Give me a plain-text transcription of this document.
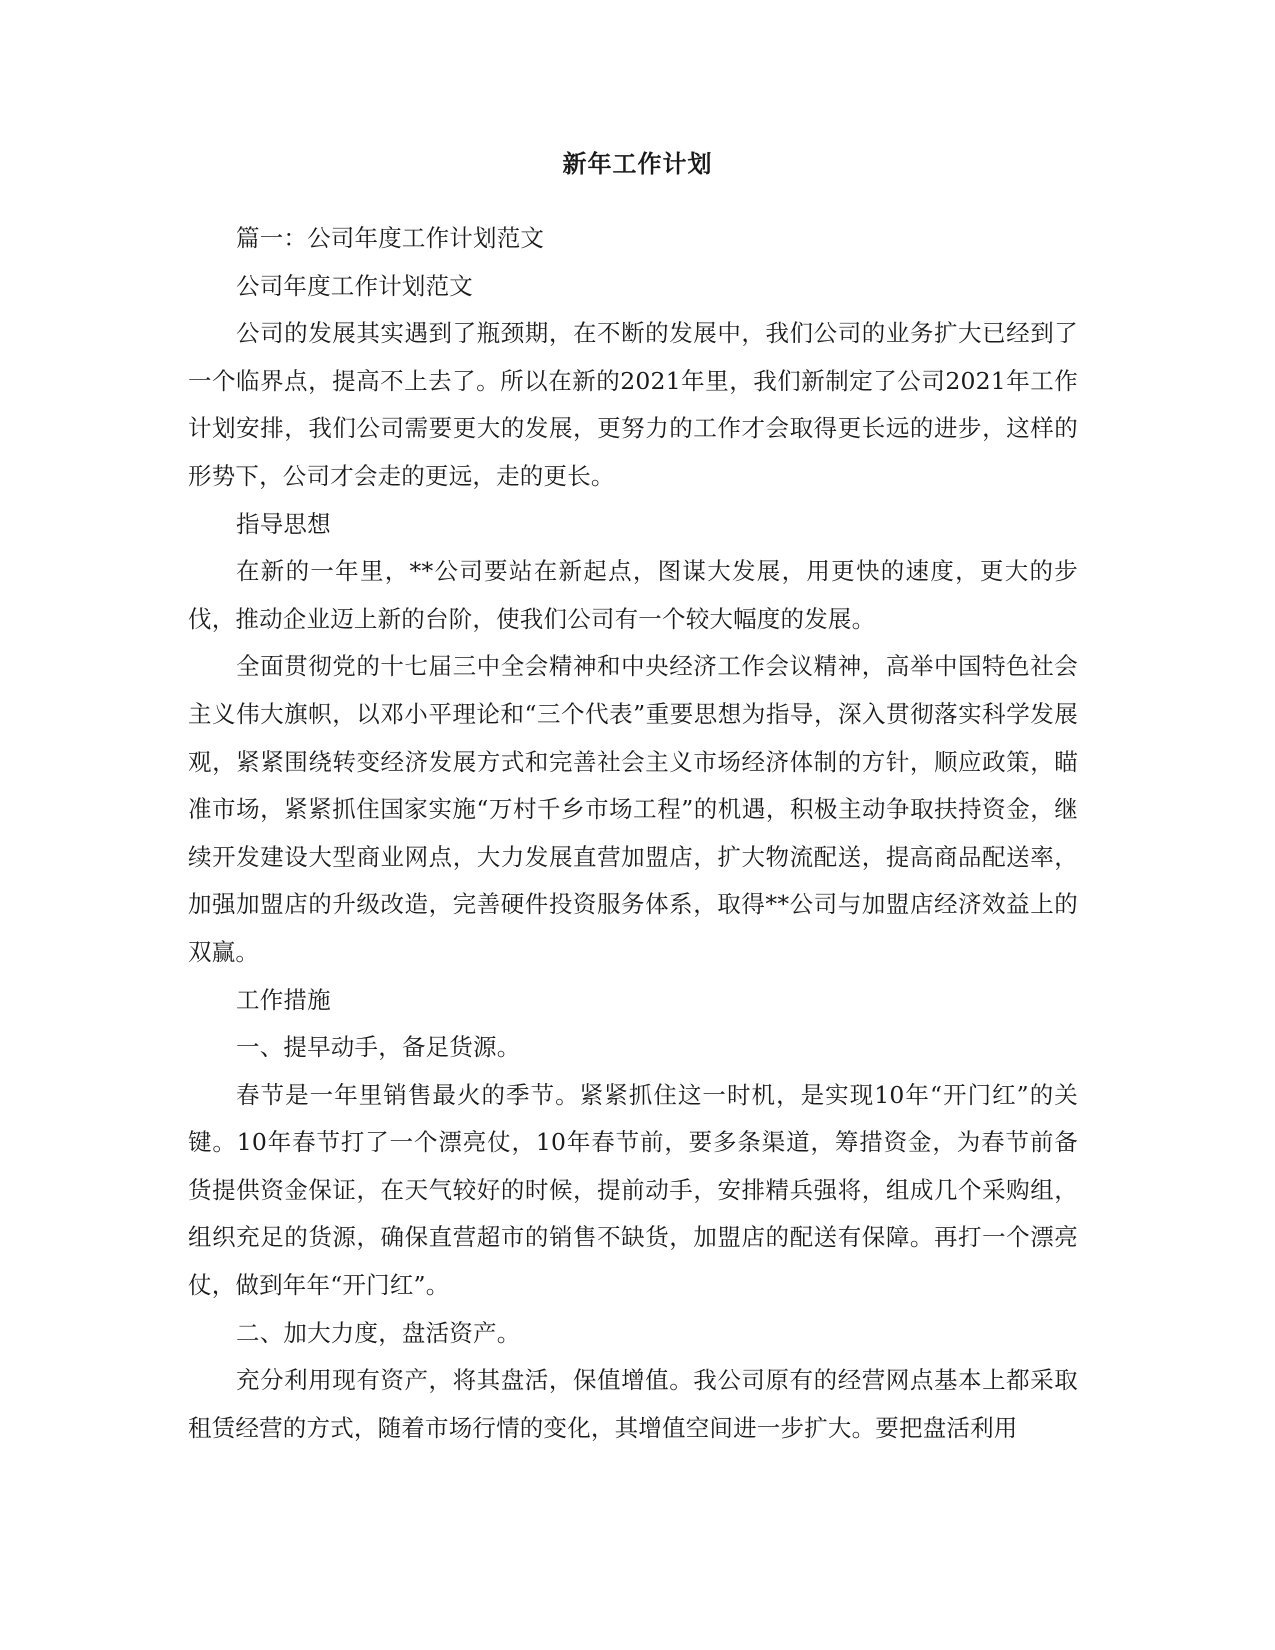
新年工作计划

篇一：公司年度工作计划范文

公司年度工作计划范文

公司的发展其实遇到了瓶颈期，在不断的发展中，我们公司的业务扩大已经到了一个临界点，提高不上去了。所以在新的2021年里，我们新制定了公司2021年工作计划安排，我们公司需要更大的发展，更努力的工作才会取得更长远的进步，这样的形势下，公司才会走的更远，走的更长。

指导思想

在新的一年里，**公司要站在新起点，图谋大发展，用更快的速度，更大的步伐，推动企业迈上新的台阶，使我们公司有一个较大幅度的发展。

全面贯彻党的十七届三中全会精神和中央经济工作会议精神，高举中国特色社会主义伟大旗帜，以邓小平理论和“三个代表”重要思想为指导，深入贯彻落实科学发展观，紧紧围绕转变经济发展方式和完善社会主义市场经济体制的方针，顺应政策，瞄准市场，紧紧抓住国家实施“万村千乡市场工程”的机遇，积极主动争取扶持资金，继续开发建设大型商业网点，大力发展直营加盟店，扩大物流配送，提高商品配送率，加强加盟店的升级改造，完善硬件投资服务体系，取得**公司与加盟店经济效益上的双赢。

工作措施

一、提早动手，备足货源。

春节是一年里销售最火的季节。紧紧抓住这一时机，是实现10年“开门红”的关键。10年春节打了一个漂亮仗，10年春节前，要多条渠道，筹措资金，为春节前备货提供资金保证，在天气较好的时候，提前动手，安排精兵强将，组成几个采购组，组织充足的货源，确保直营超市的销售不缺货，加盟店的配送有保障。再打一个漂亮仗，做到年年“开门红”。

二、加大力度，盘活资产。

充分利用现有资产，将其盘活，保值增值。我公司原有的经营网点基本上都采取租赁经营的方式，随着市场行情的变化，其增值空间进一步扩大。要把盘活利用
